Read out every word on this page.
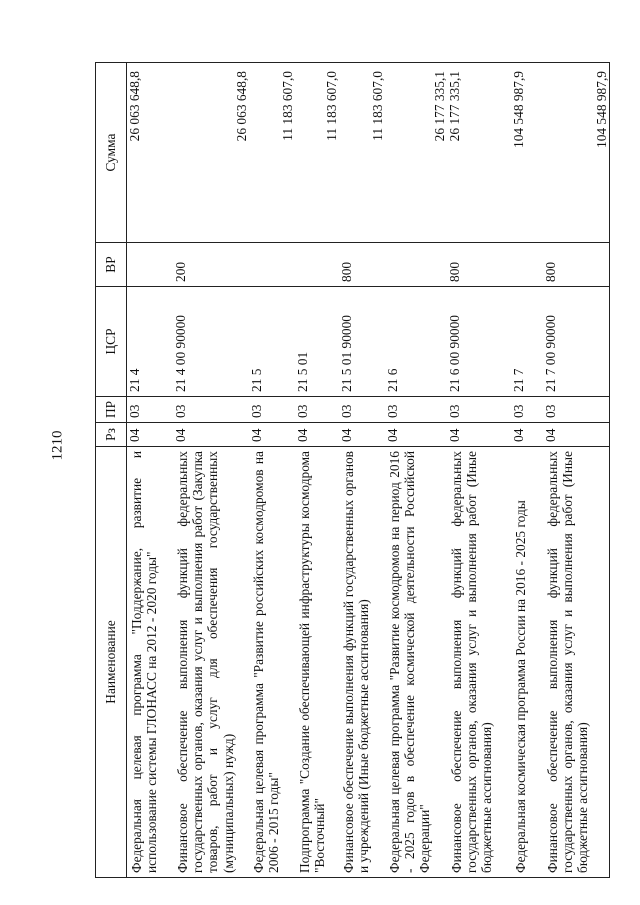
1210
Наименование	Рз	ПР	ЦСР	ВР	Сумма
Федеральная целевая программа "Поддержание, развитие и использование системы ГЛОНАСС на 2012 - 2020 годы"	04	03	21 4		26 063 648,8
Финансовое обеспечение выполнения функций федеральных государственных органов, оказания услуг и выполнения работ (Закупка товаров, работ и услуг для обеспечения государственных (муниципальных) нужд)	04	03	21 4 00 90000	200	26 063 648,8
Федеральная целевая программа "Развитие российских космодромов на 2006 - 2015 годы"	04	03	21 5		11 183 607,0
Подпрограмма "Создание обеспечивающей инфраструктуры космодрома "Восточный"	04	03	21 5 01		11 183 607,0
Финансовое обеспечение выполнения функций государственных органов и учреждений (Иные бюджетные ассигнования)	04	03	21 5 01 90000	800	11 183 607,0
Федеральная целевая программа "Развитие космодромов на период 2016 - 2025 годов в обеспечение космической деятельности Российской Федерации"	04	03	21 6		26 177 335,1
Финансовое обеспечение выполнения функций федеральных государственных органов, оказания услуг и выполнения работ (Иные бюджетные ассигнования)	04	03	21 6 00 90000	800	26 177 335,1
Федеральная космическая программа России на 2016 - 2025 годы	04	03	21 7		104 548 987,9
Финансовое обеспечение выполнения функций федеральных государственных органов, оказания услуг и выполнения работ (Иные бюджетные ассигнования)	04	03	21 7 00 90000	800	104 548 987,9
